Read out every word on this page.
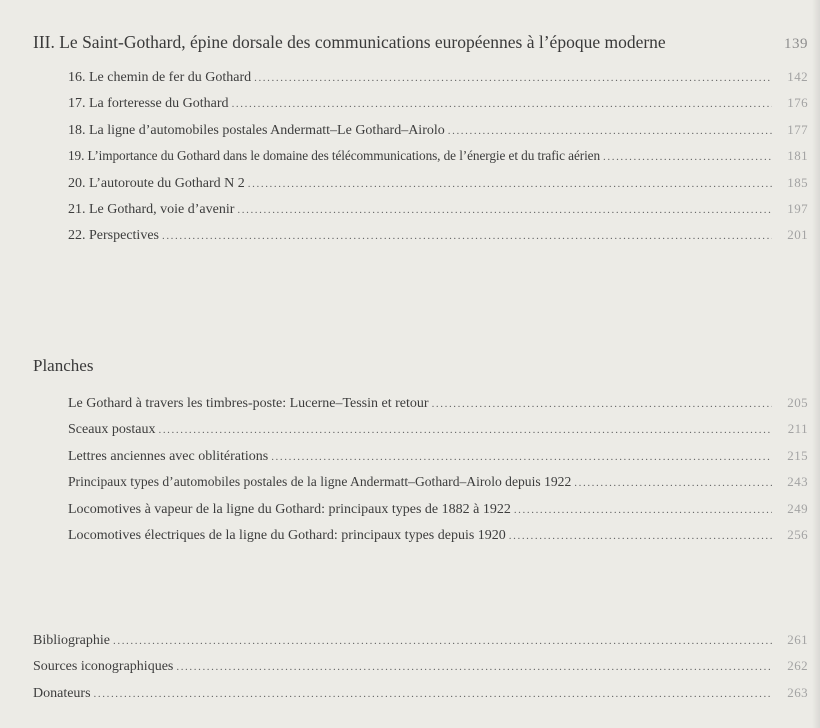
III. Le Saint-Gothard, épine dorsale des communications européennes à l’époque moderne	139
16. Le chemin de fer du Gothard .....	142
17. La forteresse du Gothard .....	176
18. La ligne d’automobiles postales Andermatt–Le Gothard–Airolo .....	177
19. L’importance du Gothard dans le domaine des télécommunications, de l’énergie et du trafic aérien .....	181
20. L’autoroute du Gothard N 2 .....	185
21. Le Gothard, voie d’avenir .....	197
22. Perspectives .....	201
Planches
Le Gothard à travers les timbres-poste: Lucerne–Tessin et retour .....	205
Sceaux postaux .....	211
Lettres anciennes avec oblitérations .....	215
Principaux types d’automobiles postales de la ligne Andermatt–Gothard–Airolo depuis 1922 .....	243
Locomotives à vapeur de la ligne du Gothard: principaux types de 1882 à 1922 .....	249
Locomotives électriques de la ligne du Gothard: principaux types depuis 1920 .....	256
Bibliographie .....	261
Sources iconographiques .....	262
Donateurs .....	263
